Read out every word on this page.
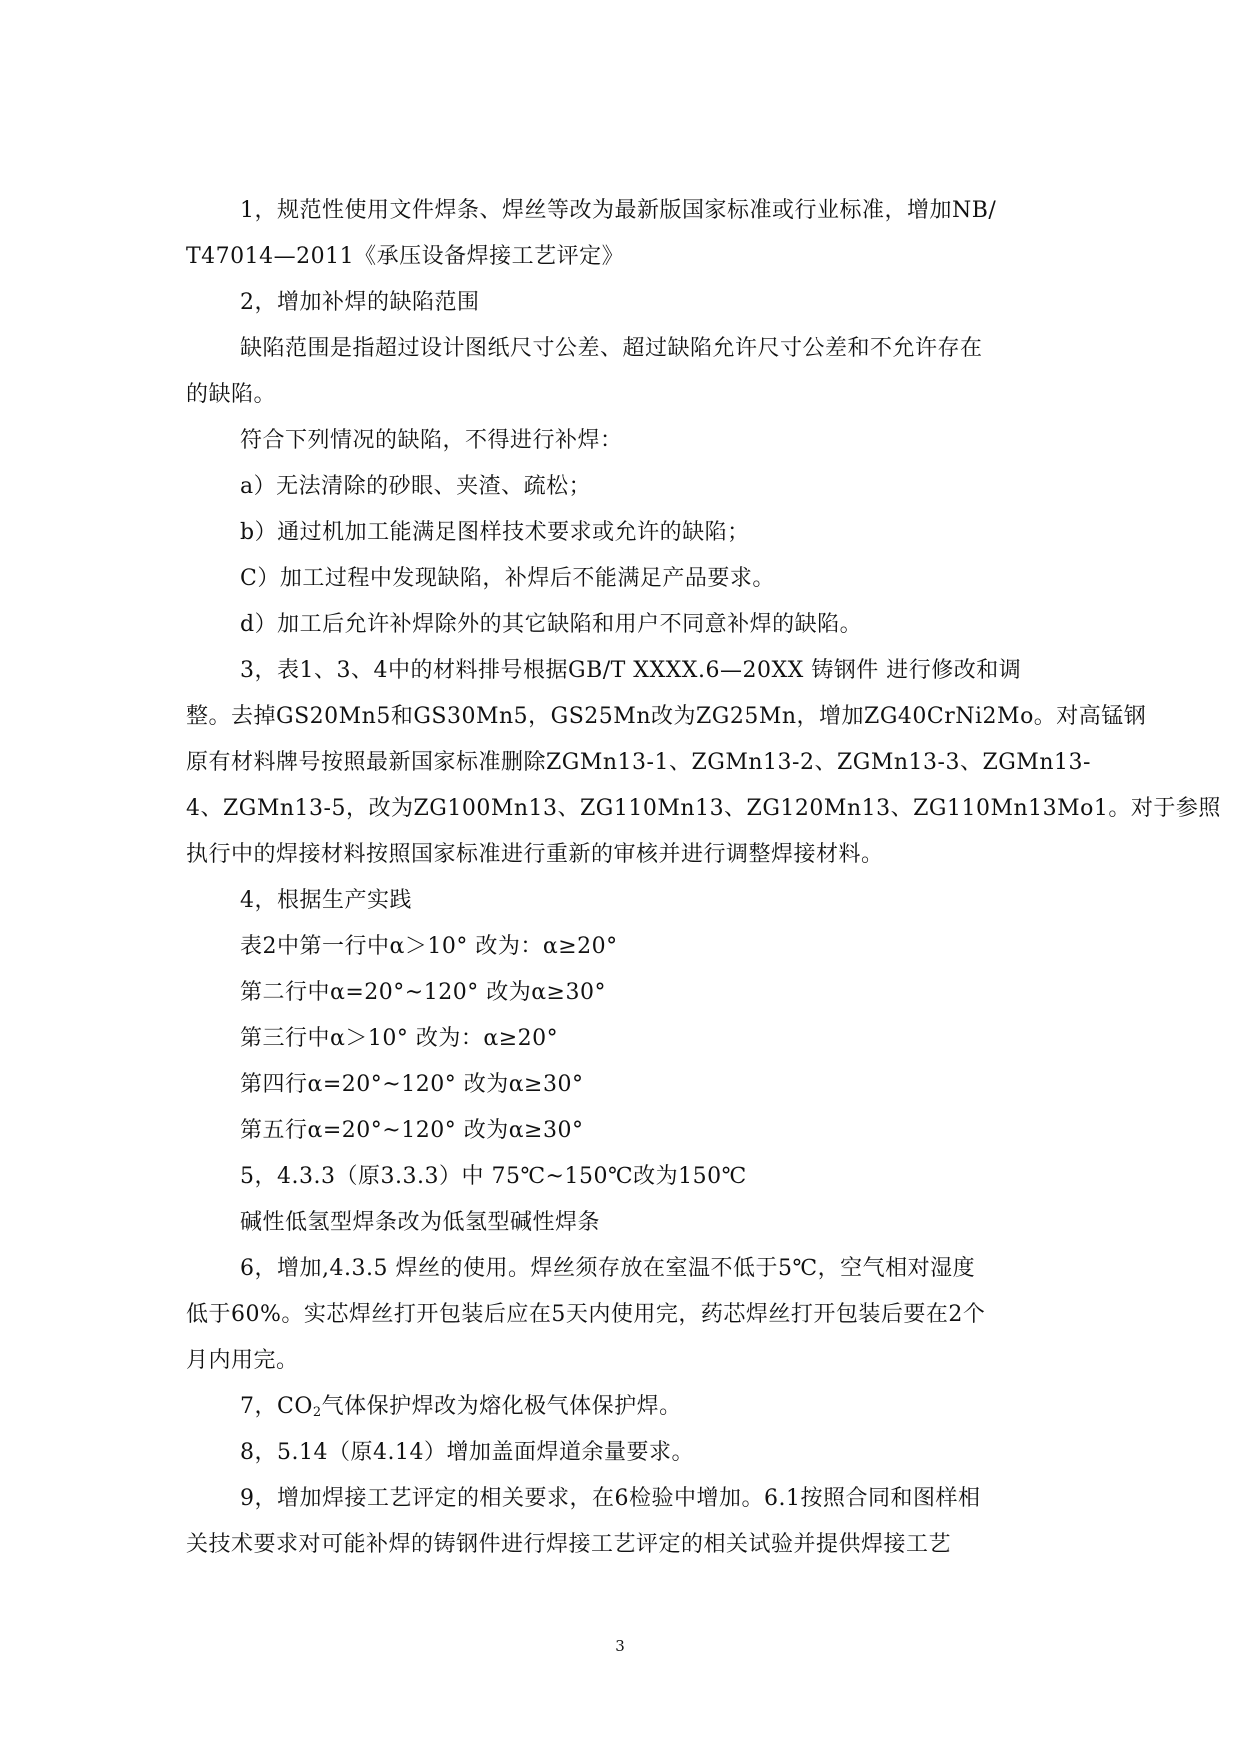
1，规范性使用文件焊条、焊丝等改为最新版国家标准或行业标准，增加NB/
T47014—2011《承压设备焊接工艺评定》
2，增加补焊的缺陷范围
缺陷范围是指超过设计图纸尺寸公差、超过缺陷允许尺寸公差和不允许存在
的缺陷。
符合下列情况的缺陷，不得进行补焊：
a）无法清除的砂眼、夹渣、疏松；
b）通过机加工能满足图样技术要求或允许的缺陷；
C）加工过程中发现缺陷，补焊后不能满足产品要求。
d）加工后允许补焊除外的其它缺陷和用户不同意补焊的缺陷。
3，表1、3、4中的材料排号根据GB/T XXXX.6—20XX 铸钢件 进行修改和调
整。去掉GS20Mn5和GS30Mn5，GS25Mn改为ZG25Mn，增加ZG40CrNi2Mo。对高锰钢
原有材料牌号按照最新国家标准删除ZGMn13-1、ZGMn13-2、ZGMn13-3、ZGMn13-
4、ZGMn13-5，改为ZG100Mn13、ZG110Mn13、ZG120Mn13、ZG110Mn13Mo1。对于参照
执行中的焊接材料按照国家标准进行重新的审核并进行调整焊接材料。
4，根据生产实践
表2中第一行中α＞10° 改为：α≥20°
第二行中α=20°~120° 改为α≥30°
第三行中α＞10° 改为：α≥20°
第四行α=20°~120° 改为α≥30°
第五行α=20°~120° 改为α≥30°
5，4.3.3（原3.3.3）中 75℃~150℃改为150℃
碱性低氢型焊条改为低氢型碱性焊条
6，增加,4.3.5 焊丝的使用。焊丝须存放在室温不低于5℃，空气相对湿度
低于60%。实芯焊丝打开包装后应在5天内使用完，药芯焊丝打开包装后要在2个
月内用完。
7，$CO_2$气体保护焊改为熔化极气体保护焊。
8，5.14（原4.14）增加盖面焊道余量要求。
9，增加焊接工艺评定的相关要求，在6检验中增加。6.1按照合同和图样相
关技术要求对可能补焊的铸钢件进行焊接工艺评定的相关试验并提供焊接工艺
3
